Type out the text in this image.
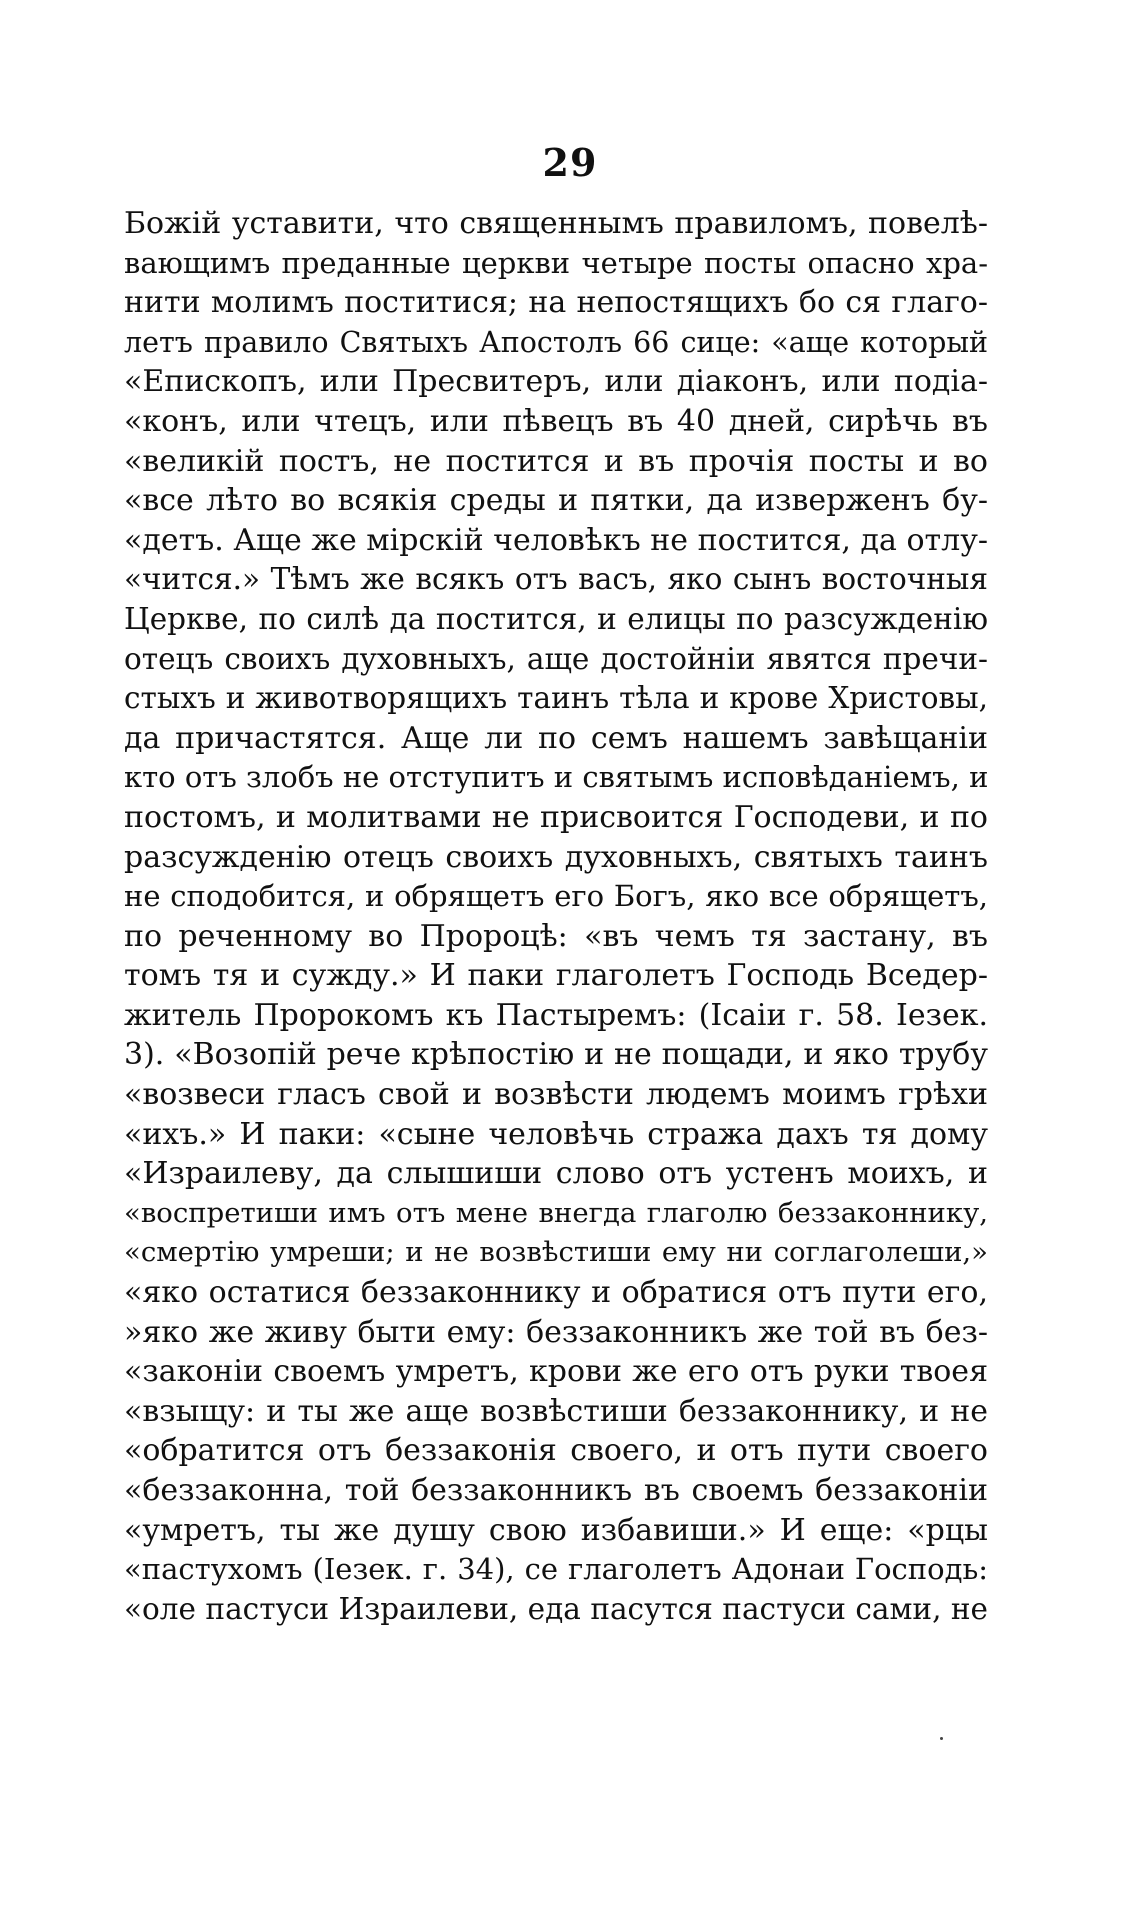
29
Божій уставити, что священнымъ правиломъ, повелѣ-
вающимъ преданные церкви четыре посты опасно хра-
нити молимъ поститися; на непостящихъ бо ся глаго-
летъ правило Святыхъ Апостолъ 66 сице: «аще который
«Епископъ, или Пресвитеръ, или діаконъ, или подіа-
«конъ, или чтецъ, или пѣвецъ въ 40 дней, сирѣчь въ
«великій постъ, не постится и въ прочія посты и во
«все лѣто во всякія среды и пятки, да изверженъ бу-
«детъ. Аще же мірскій человѣкъ не постится, да отлу-
«чится.» Тѣмъ же всякъ отъ васъ, яко сынъ восточныя
Церкве, по силѣ да постится, и елицы по разсужденію
отецъ своихъ духовныхъ, аще достойніи явятся пречи-
стыхъ и животворящихъ таинъ тѣла и крове Христовы,
да причастятся. Аще ли по семъ нашемъ завѣщаніи
кто отъ злобъ не отступитъ и святымъ исповѣданіемъ, и
постомъ, и молитвами не присвоится Господеви, и по
разсужденію отецъ своихъ духовныхъ, святыхъ таинъ
не сподобится, и обрящетъ его Богъ, яко все обрящетъ,
по реченному во Пророцѣ: «въ чемъ тя застану, въ
томъ тя и сужду.» И паки глаголетъ Господь Вседер-
житель Пророкомъ къ Пастыремъ: (Ісаіи г. 58. Іезек.
3). «Возопій рече крѣпостію и не пощади, и яко трубу
«возвеси гласъ свой и возвѣсти людемъ моимъ грѣхи
«ихъ.» И паки: «сыне человѣчь стража дахъ тя дому
«Израилеву, да слышиши слово отъ устенъ моихъ, и
«воспретиши имъ отъ мене внегда глаголю беззаконнику,
«смертію умреши; и не возвѣстиши ему ни соглаголеши,»
«яко остатися беззаконнику и обратися отъ пути его,
»яко же живу быти ему: беззаконникъ же той въ без-
«законіи своемъ умретъ, крови же его отъ руки твоея
«взыщу: и ты же аще возвѣстиши беззаконнику, и не
«обратится отъ беззаконія своего, и отъ пути своего
«беззаконна, той беззаконникъ въ своемъ беззаконіи
«умретъ, ты же душу свою избавиши.» И еще: «рцы
«пастухомъ (Іезек. г. 34), се глаголетъ Адонаи Господь:
«оле пастуси Израилеви, еда пасутся пастуси сами, не
